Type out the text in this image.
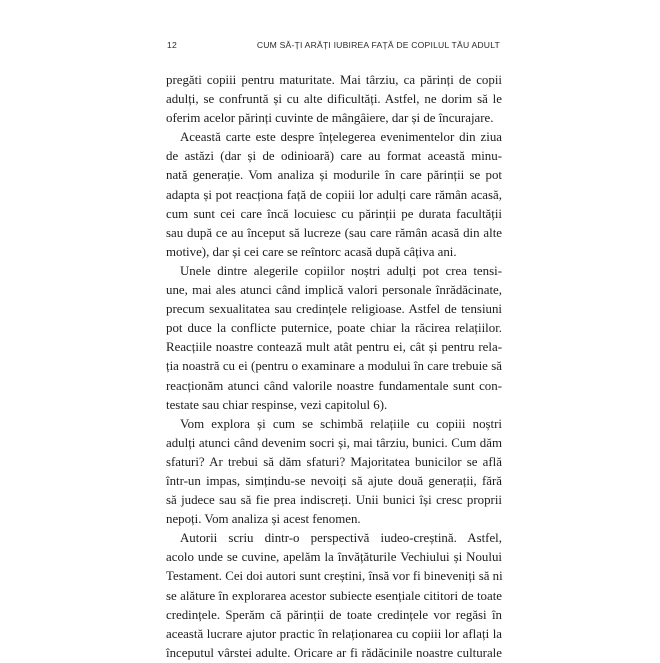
12	CUM SĂ-ȚI ARĂȚI IUBIREA FAȚĂ DE COPILUL TĂU ADULT

pregăti copiii pentru maturitate. Mai târziu, ca părinți de copii
adulți, se confruntă și cu alte dificultăți. Astfel, ne dorim să le
oferim acelor părinți cuvinte de mângâiere, dar și de încurajare.

Această carte este despre înțelegerea evenimentelor din ziua
de astăzi (dar și de odinioară) care au format această minu-
nată generație. Vom analiza și modurile în care părinții se pot
adapta și pot reacționa față de copiii lor adulți care rămân acasă,
cum sunt cei care încă locuiesc cu părinții pe durata facultății
sau după ce au început să lucreze (sau care rămân acasă din alte
motive), dar și cei care se reîntorc acasă după câțiva ani.

Unele dintre alegerile copiilor noștri adulți pot crea tensi-
une, mai ales atunci când implică valori personale înrădăcinate,
precum sexualitatea sau credințele religioase. Astfel de tensiuni
pot duce la conflicte puternice, poate chiar la răcirea relațiilor.
Reacțiile noastre contează mult atât pentru ei, cât și pentru rela-
ția noastră cu ei (pentru o examinare a modului în care trebuie să
reacționăm atunci când valorile noastre fundamentale sunt con-
testate sau chiar respinse, vezi capitolul 6).

Vom explora și cum se schimbă relațiile cu copiii noștri
adulți atunci când devenim socri și, mai târziu, bunici. Cum dăm
sfaturi? Ar trebui să dăm sfaturi? Majoritatea bunicilor se află
într-un impas, simțindu-se nevoiți să ajute două generații, fără
să judece sau să fie prea indiscreți. Unii bunici își cresc proprii
nepoți. Vom analiza și acest fenomen.

Autorii scriu dintr-o perspectivă iudeo-creștină. Astfel,
acolo unde se cuvine, apelăm la învățăturile Vechiului și Noului
Testament. Cei doi autori sunt creștini, însă vor fi bineveniți să ni
se alăture în explorarea acestor subiecte esențiale cititori de toate
credințele. Sperăm că părinții de toate credințele vor regăsi în
această lucrare ajutor practic în relaționarea cu copiii lor aflați la
începutul vârstei adulte. Oricare ar fi rădăcinile noastre culturale
